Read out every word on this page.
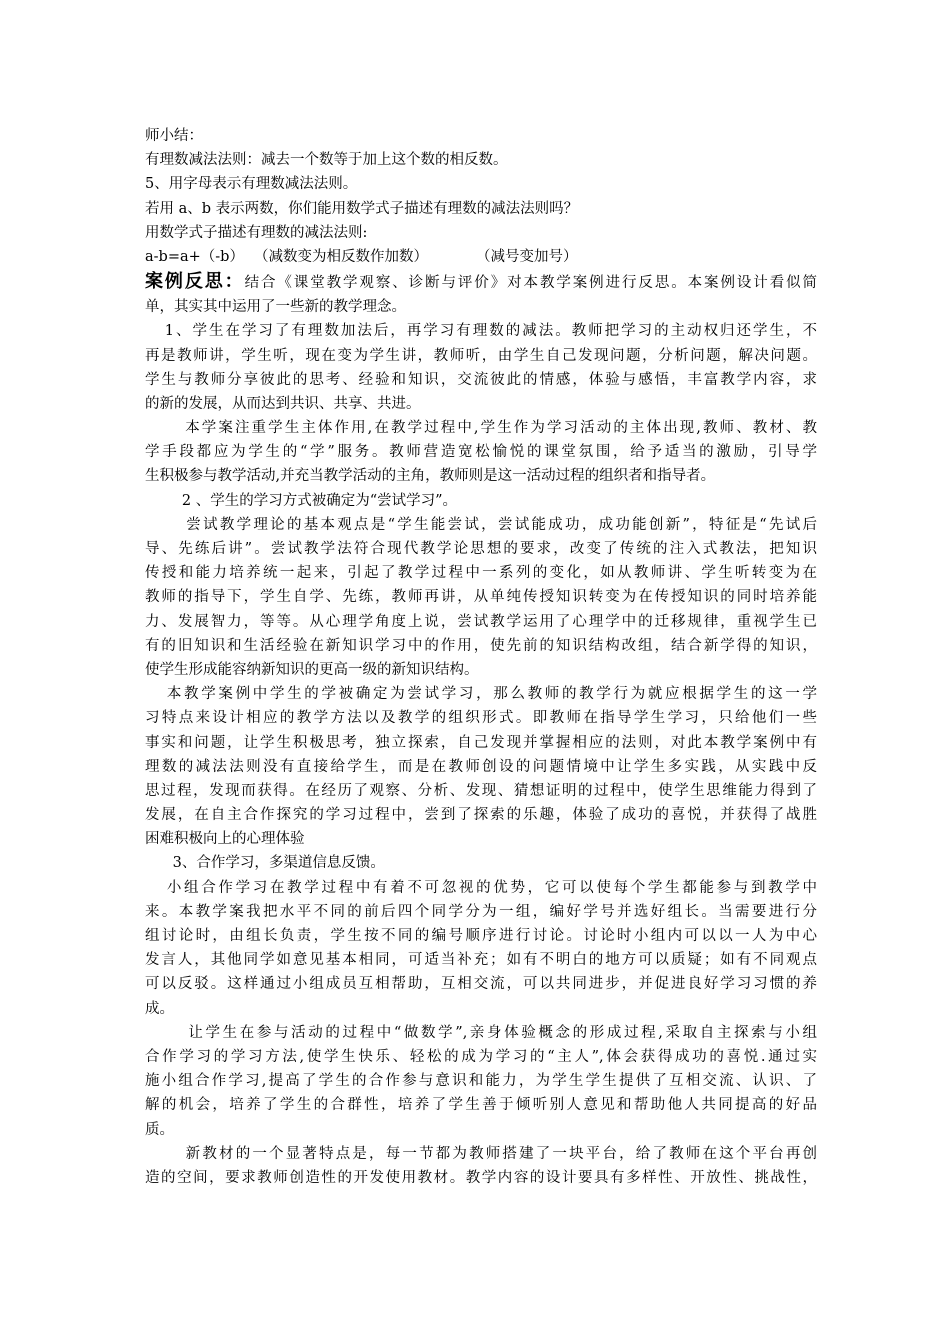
师小结：
有理数减法法则：减去一个数等于加上这个数的相反数。
5、用字母表示有理数减法法则。
若用 a、b 表示两数，你们能用数学式子描述有理数的减法法则吗？
用数学式子描述有理数的减法法则:
a-b=a+（-b） （减数变为相反数作加数）	（减号变加号）
案例反思：结合《课堂教学观察、诊断与评价》对本教学案例进行反思。本案例设计看似简
单，其实其中运用了一些新的教学理念。
1、学生在学习了有理数加法后，再学习有理数的减法。教师把学习的主动权归还学生，不
再是教师讲，学生听，现在变为学生讲，教师听，由学生自己发现问题，分析问题，解决问题。
学生与教师分享彼此的思考、经验和知识，交流彼此的情感，体验与感悟，丰富教学内容，求
的新的发展，从而达到共识、共享、共进。
本学案注重学生主体作用,在教学过程中,学生作为学习活动的主体出现,教师、教材、教
学手段都应为学生的“学”服务。教师营造宽松愉悦的课堂氛围，给予适当的激励，引导学
生积极参与教学活动,并充当教学活动的主角，教师则是这一活动过程的组织者和指导者。
2 、学生的学习方式被确定为“尝试学习”。
尝试教学理论的基本观点是“学生能尝试，尝试能成功，成功能创新”，特征是“先试后
导、先练后讲”。尝试教学法符合现代教学论思想的要求，改变了传统的注入式教法，把知识
传授和能力培养统一起来，引起了教学过程中一系列的变化，如从教师讲、学生听转变为在
教师的指导下，学生自学、先练，教师再讲，从单纯传授知识转变为在传授知识的同时培养能
力、发展智力，等等。从心理学角度上说，尝试教学运用了心理学中的迁移规律，重视学生已
有的旧知识和生活经验在新知识学习中的作用，使先前的知识结构改组，结合新学得的知识，
使学生形成能容纳新知识的更高一级的新知识结构。
本教学案例中学生的学被确定为尝试学习，那么教师的教学行为就应根据学生的这一学
习特点来设计相应的教学方法以及教学的组织形式。即教师在指导学生学习，只给他们一些
事实和问题，让学生积极思考，独立探索，自己发现并掌握相应的法则，对此本教学案例中有
理数的减法法则没有直接给学生，而是在教师创设的问题情境中让学生多实践，从实践中反
思过程，发现而获得。在经历了观察、分析、发现、猜想证明的过程中，使学生思维能力得到了
发展，在自主合作探究的学习过程中，尝到了探索的乐趣，体验了成功的喜悦，并获得了战胜
困难积极向上的心理体验
3、合作学习，多渠道信息反馈。
小组合作学习在教学过程中有着不可忽视的优势，它可以使每个学生都能参与到教学中
来。本教学案我把水平不同的前后四个同学分为一组，编好学号并选好组长。当需要进行分
组讨论时，由组长负责，学生按不同的编号顺序进行讨论。讨论时小组内可以以一人为中心
发言人，其他同学如意见基本相同，可适当补充；如有不明白的地方可以质疑；如有不同观点
可以反驳。这样通过小组成员互相帮助，互相交流，可以共同进步，并促进良好学习习惯的养
成。
让学生在参与活动的过程中“做数学”,亲身体验概念的形成过程,采取自主探索与小组
合作学习的学习方法,使学生快乐、轻松的成为学习的“主人”,体会获得成功的喜悦.通过实
施小组合作学习,提高了学生的合作参与意识和能力，为学生学生提供了互相交流、认识、了
解的机会，培养了学生的合群性，培养了学生善于倾听别人意见和帮助他人共同提高的好品
质。
新教材的一个显著特点是，每一节都为教师搭建了一块平台，给了教师在这个平台再创
造的空间，要求教师创造性的开发使用教材。教学内容的设计要具有多样性、开放性、挑战性，
